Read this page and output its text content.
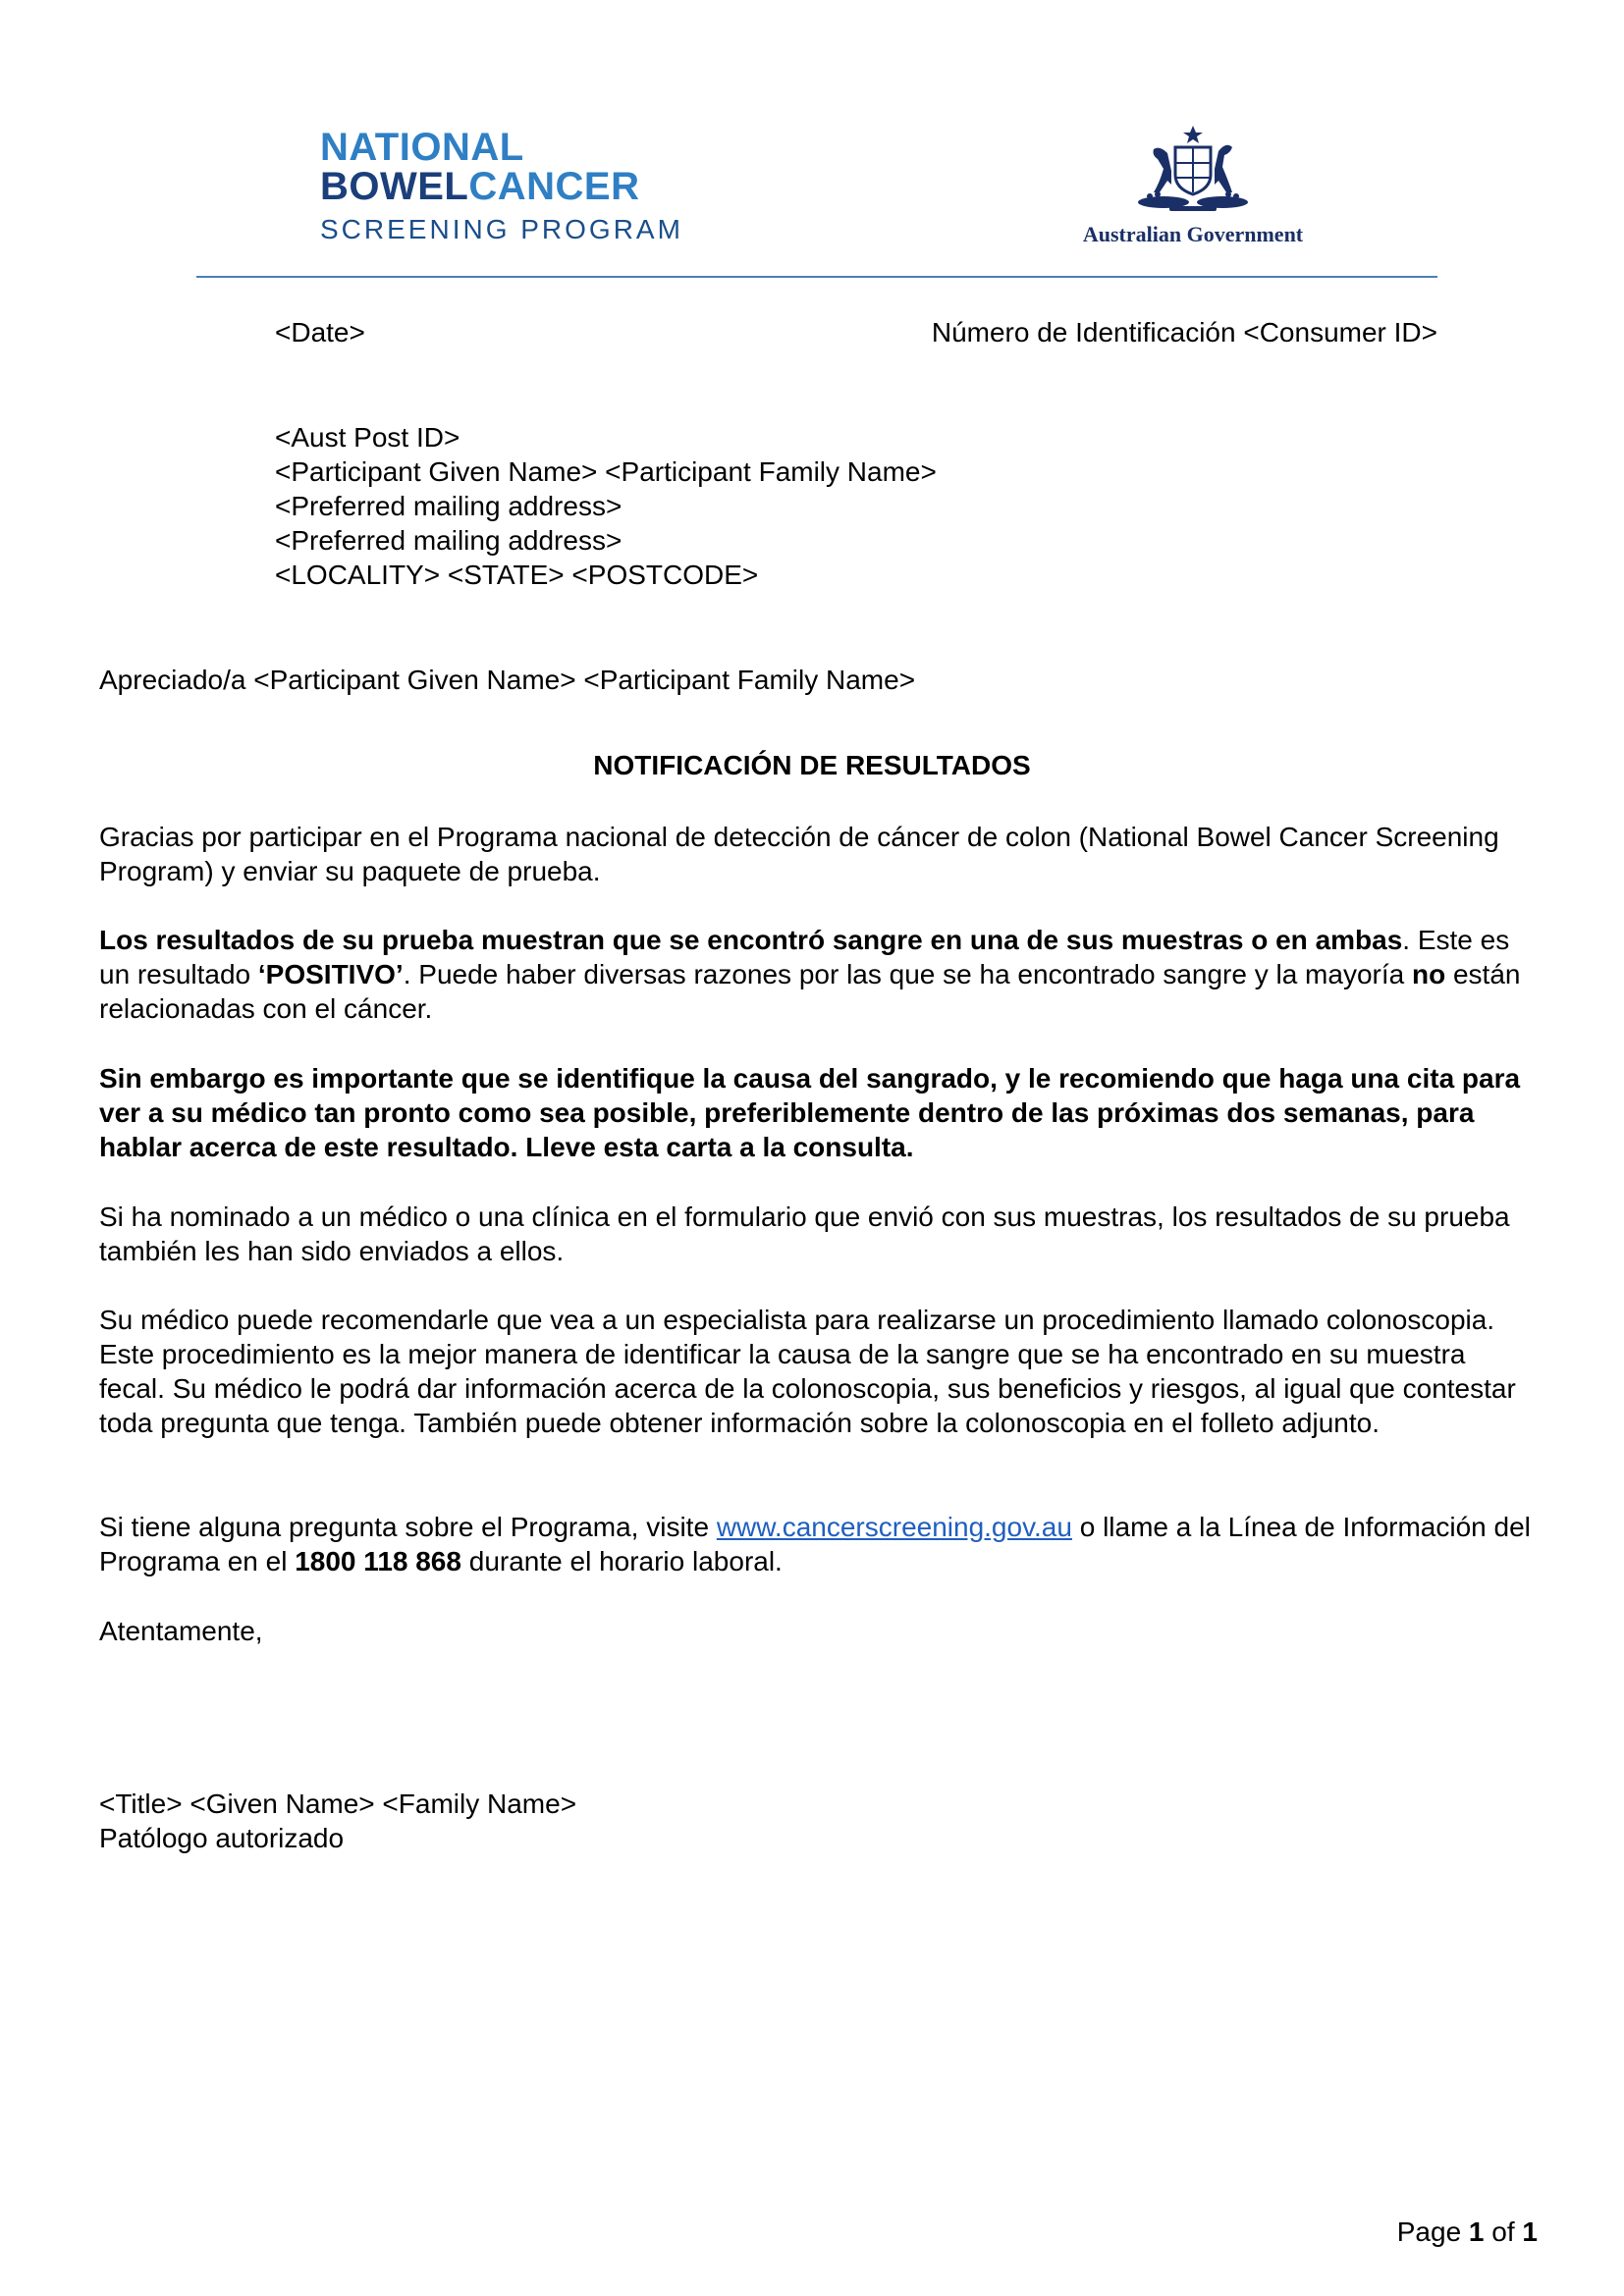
NATIONAL
BOWELCANCER
SCREENING PROGRAM	Australian Government
<Date>	Número de Identificación <Consumer ID>
<Aust Post ID>
<Participant Given Name> <Participant Family Name>
<Preferred mailing address>
<Preferred mailing address>
<LOCALITY> <STATE> <POSTCODE>
Apreciado/a <Participant Given Name> <Participant Family Name>
NOTIFICACIÓN DE RESULTADOS
Gracias por participar en el Programa nacional de detección de cáncer de colon (National Bowel Cancer Screening Program) y enviar su paquete de prueba.
Los resultados de su prueba muestran que se encontró sangre en una de sus muestras o en ambas. Este es un resultado ‘POSITIVO’. Puede haber diversas razones por las que se ha encontrado sangre y la mayoría no están relacionadas con el cáncer.
Sin embargo es importante que se identifique la causa del sangrado, y le recomiendo que haga una cita para ver a su médico tan pronto como sea posible, preferiblemente dentro de las próximas dos semanas, para hablar acerca de este resultado. Lleve esta carta a la consulta.
Si ha nominado a un médico o una clínica en el formulario que envió con sus muestras, los resultados de su prueba también les han sido enviados a ellos.
Su médico puede recomendarle que vea a un especialista para realizarse un procedimiento llamado colonoscopia. Este procedimiento es la mejor manera de identificar la causa de la sangre que se ha encontrado en su muestra fecal. Su médico le podrá dar información acerca de la colonoscopia, sus beneficios y riesgos, al igual que contestar toda pregunta que tenga. También puede obtener información sobre la colonoscopia en el folleto adjunto.
Si tiene alguna pregunta sobre el Programa, visite www.cancerscreening.gov.au o llame a la Línea de Información del Programa en el 1800 118 868 durante el horario laboral.
Atentamente,
<Title> <Given Name> <Family Name>
Patólogo autorizado
Page 1 of 1
